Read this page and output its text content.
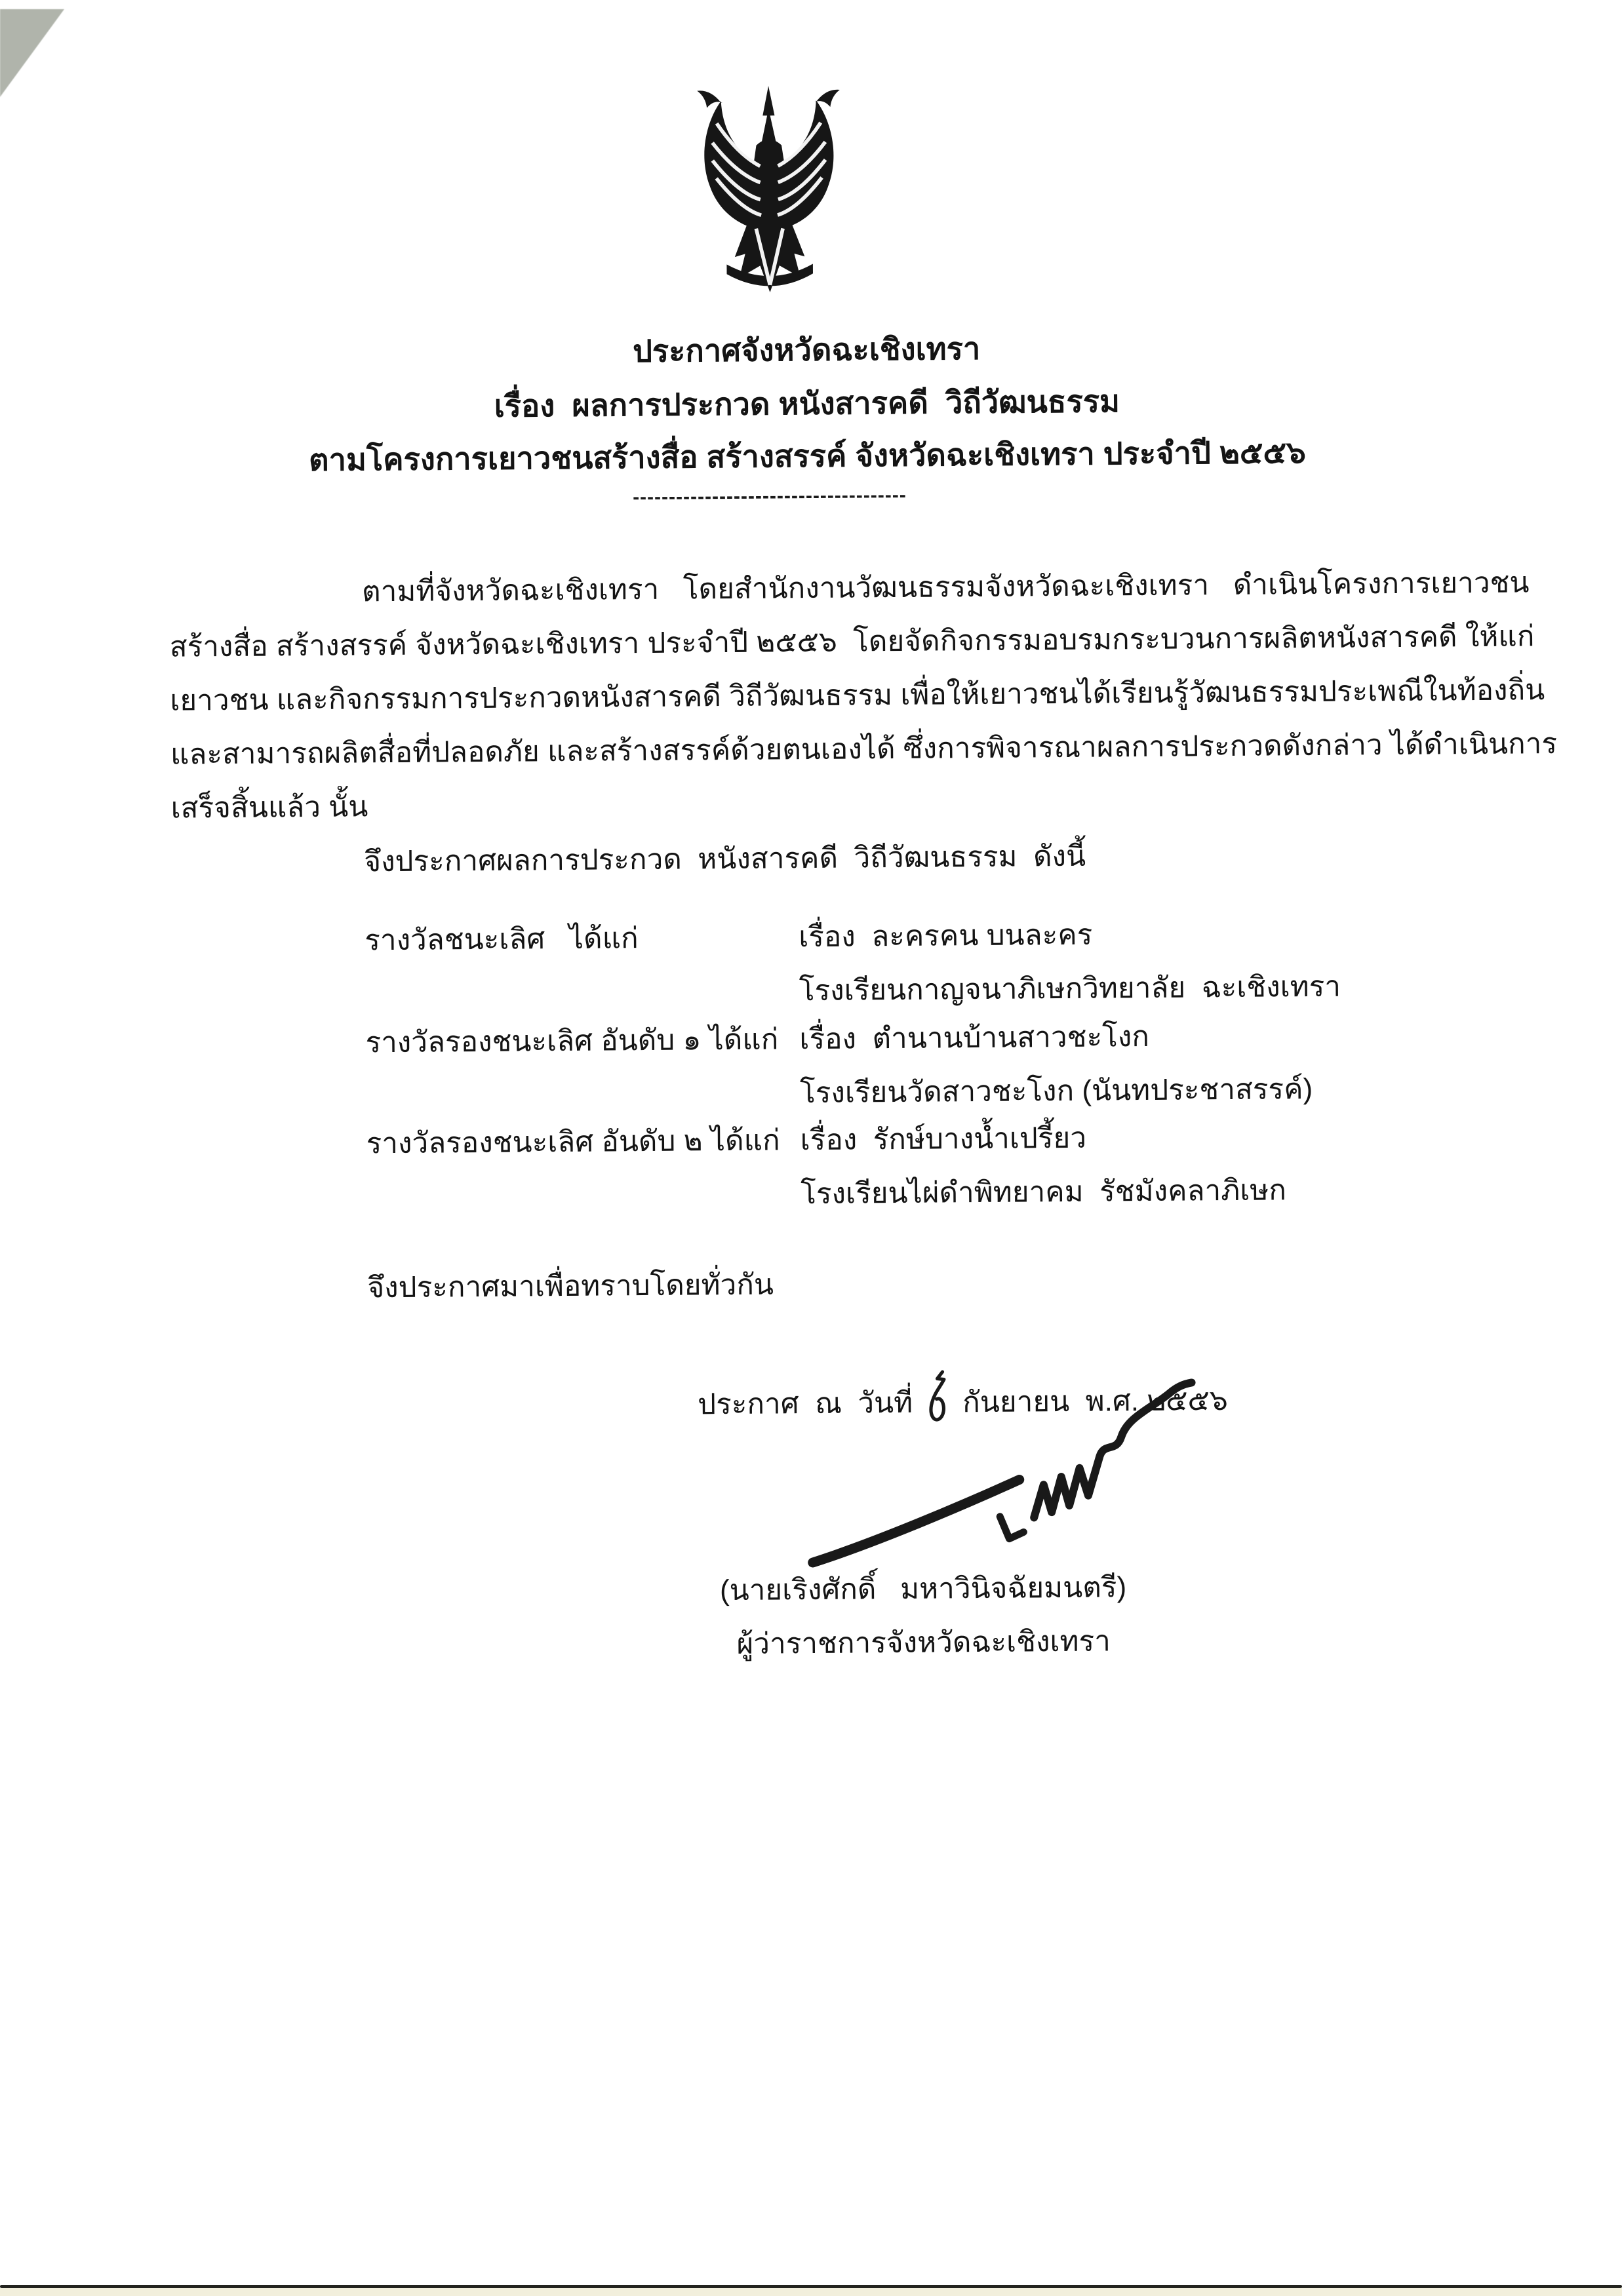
ประกาศจังหวัดฉะเชิงเทรา
เรื่อง  ผลการประกวด หนังสารคดี  วิถีวัฒนธรรม
ตามโครงการเยาวชนสร้างสื่อ สร้างสรรค์ จังหวัดฉะเชิงเทรา ประจำปี ๒๕๕๖
--------------------------------------
ตามที่จังหวัดฉะเชิงเทรา   โดยสำนักงานวัฒนธรรมจังหวัดฉะเชิงเทรา   ดำเนินโครงการเยาวชน
สร้างสื่อ สร้างสรรค์ จังหวัดฉะเชิงเทรา ประจำปี ๒๕๕๖  โดยจัดกิจกรรมอบรมกระบวนการผลิตหนังสารคดี ให้แก่
เยาวชน และกิจกรรมการประกวดหนังสารคดี วิถีวัฒนธรรม เพื่อให้เยาวชนได้เรียนรู้วัฒนธรรมประเพณีในท้องถิ่น
และสามารถผลิตสื่อที่ปลอดภัย และสร้างสรรค์ด้วยตนเองได้ ซึ่งการพิจารณาผลการประกวดดังกล่าว ได้ดำเนินการ
เสร็จสิ้นแล้ว นั้น
จึงประกาศผลการประกวด  หนังสารคดี  วิถีวัฒนธรรม  ดังนี้
รางวัลชนะเลิศ   ได้แก่	เรื่อง  ละครคน บนละคร
โรงเรียนกาญจนาภิเษกวิทยาลัย  ฉะเชิงเทรา
รางวัลรองชนะเลิศ อันดับ ๑ ได้แก่ เรื่อง  ตำนานบ้านสาวชะโงก
โรงเรียนวัดสาวชะโงก (นันทประชาสรรค์)
รางวัลรองชนะเลิศ อันดับ ๒ ได้แก่ เรื่อง  รักษ์บางน้ำเปรี้ยว
โรงเรียนไผ่ดำพิทยาคม  รัชมังคลาภิเษก
จึงประกาศมาเพื่อทราบโดยทั่วกัน

ประกาศ  ณ  วันที่ กันยายน  พ.ศ. ๒๕๕๖

(นายเริงศักดิ์   มหาวินิจฉัยมนตรี)
ผู้ว่าราชการจังหวัดฉะเชิงเทรา
